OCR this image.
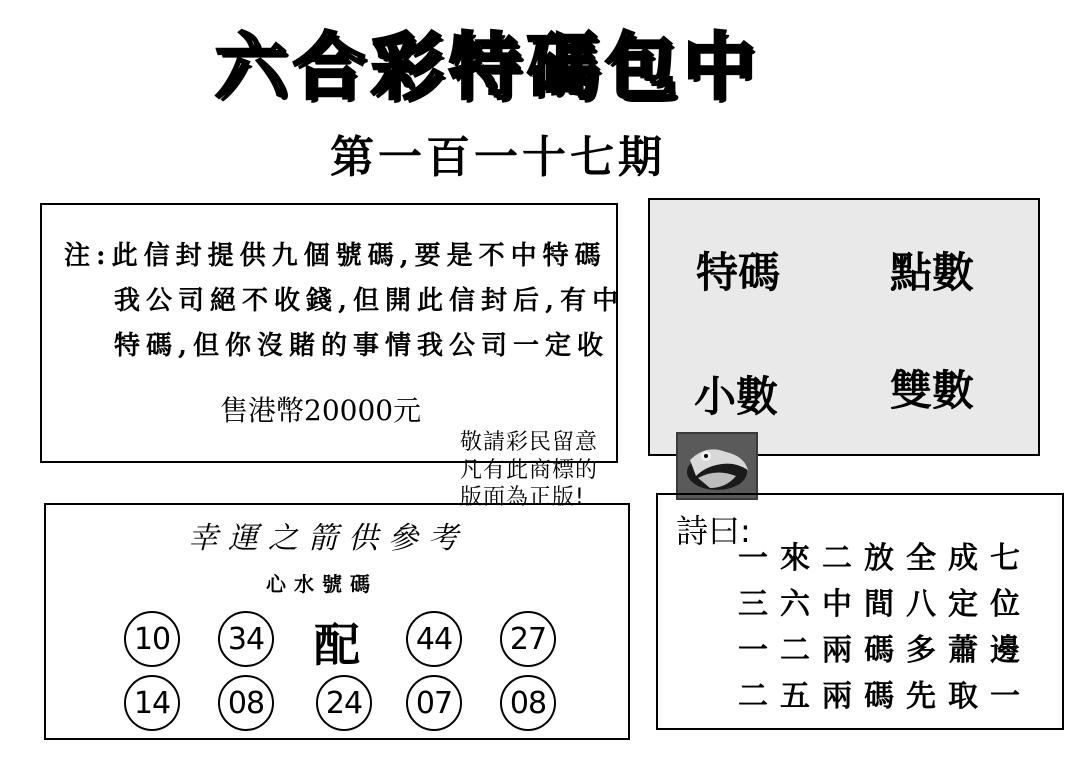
六合彩特碼包中
第一百一十七期
注:此信封提供九個號碼,要是不中特碼
我公司絕不收錢,但開此信封后,有中
特碼,但你沒賭的事情我公司一定收
售港幣20000元
特碼	點數
小數	雙數
敬請彩民留意
凡有此商標的
版面為正版!
幸運之箭供參考
心水號碼
10	34 配	44	27
14	08	24	07	08
詩曰:
一來二放全成七
三六中間八定位
一二兩碼多蕭邊
二五兩碼先取一
